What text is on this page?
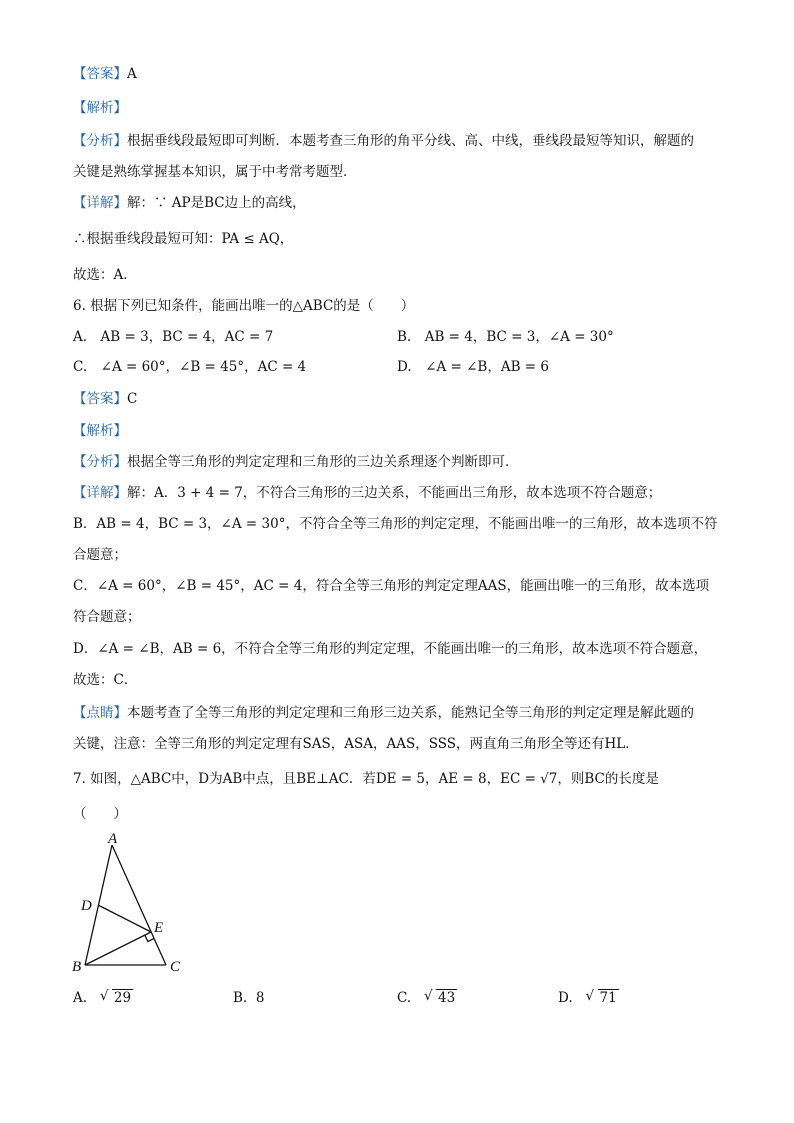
【答案】A
【解析】
【分析】根据垂线段最短即可判断．本题考查三角形的角平分线、高、中线，垂线段最短等知识，解题的
关键是熟练掌握基本知识，属于中考常考题型．
【详解】解：∵ AP是BC边上的高线，
∴根据垂线段最短可知：PA ≤ AQ，
故选：A．
6. 根据下列已知条件，能画出唯一的△ABC的是（　　）
A.　AB = 3，BC = 4，AC = 7	B.　AB = 4，BC = 3，∠A = 30°
C.　∠A = 60°，∠B = 45°，AC = 4	D.　∠A = ∠B，AB = 6
【答案】C
【解析】
【分析】根据全等三角形的判定定理和三角形的三边关系理逐个判断即可．
【详解】解：A．3 + 4 = 7，不符合三角形的三边关系，不能画出三角形，故本选项不符合题意；
B．AB = 4，BC = 3，∠A = 30°，不符合全等三角形的判定定理，不能画出唯一的三角形，故本选项不符
合题意；
C．∠A = 60°，∠B = 45°，AC = 4，符合全等三角形的判定定理AAS，能画出唯一的三角形，故本选项
符合题意；
D．∠A = ∠B，AB = 6，不符合全等三角形的判定定理，不能画出唯一的三角形，故本选项不符合题意，
故选：C．
【点睛】本题考查了全等三角形的判定定理和三角形三边关系，能熟记全等三角形的判定定理是解此题的
关键，注意：全等三角形的判定定理有SAS，ASA，AAS，SSS，两直角三角形全等还有HL．
7. 如图，△ABC中，D为AB中点，且BE⊥AC．若DE = 5，AE = 8，EC = √7，则BC的长度是
（　　）
A
D
E
B	C
A. √ 29	B. 8	C. √ 43	D. √ 71
